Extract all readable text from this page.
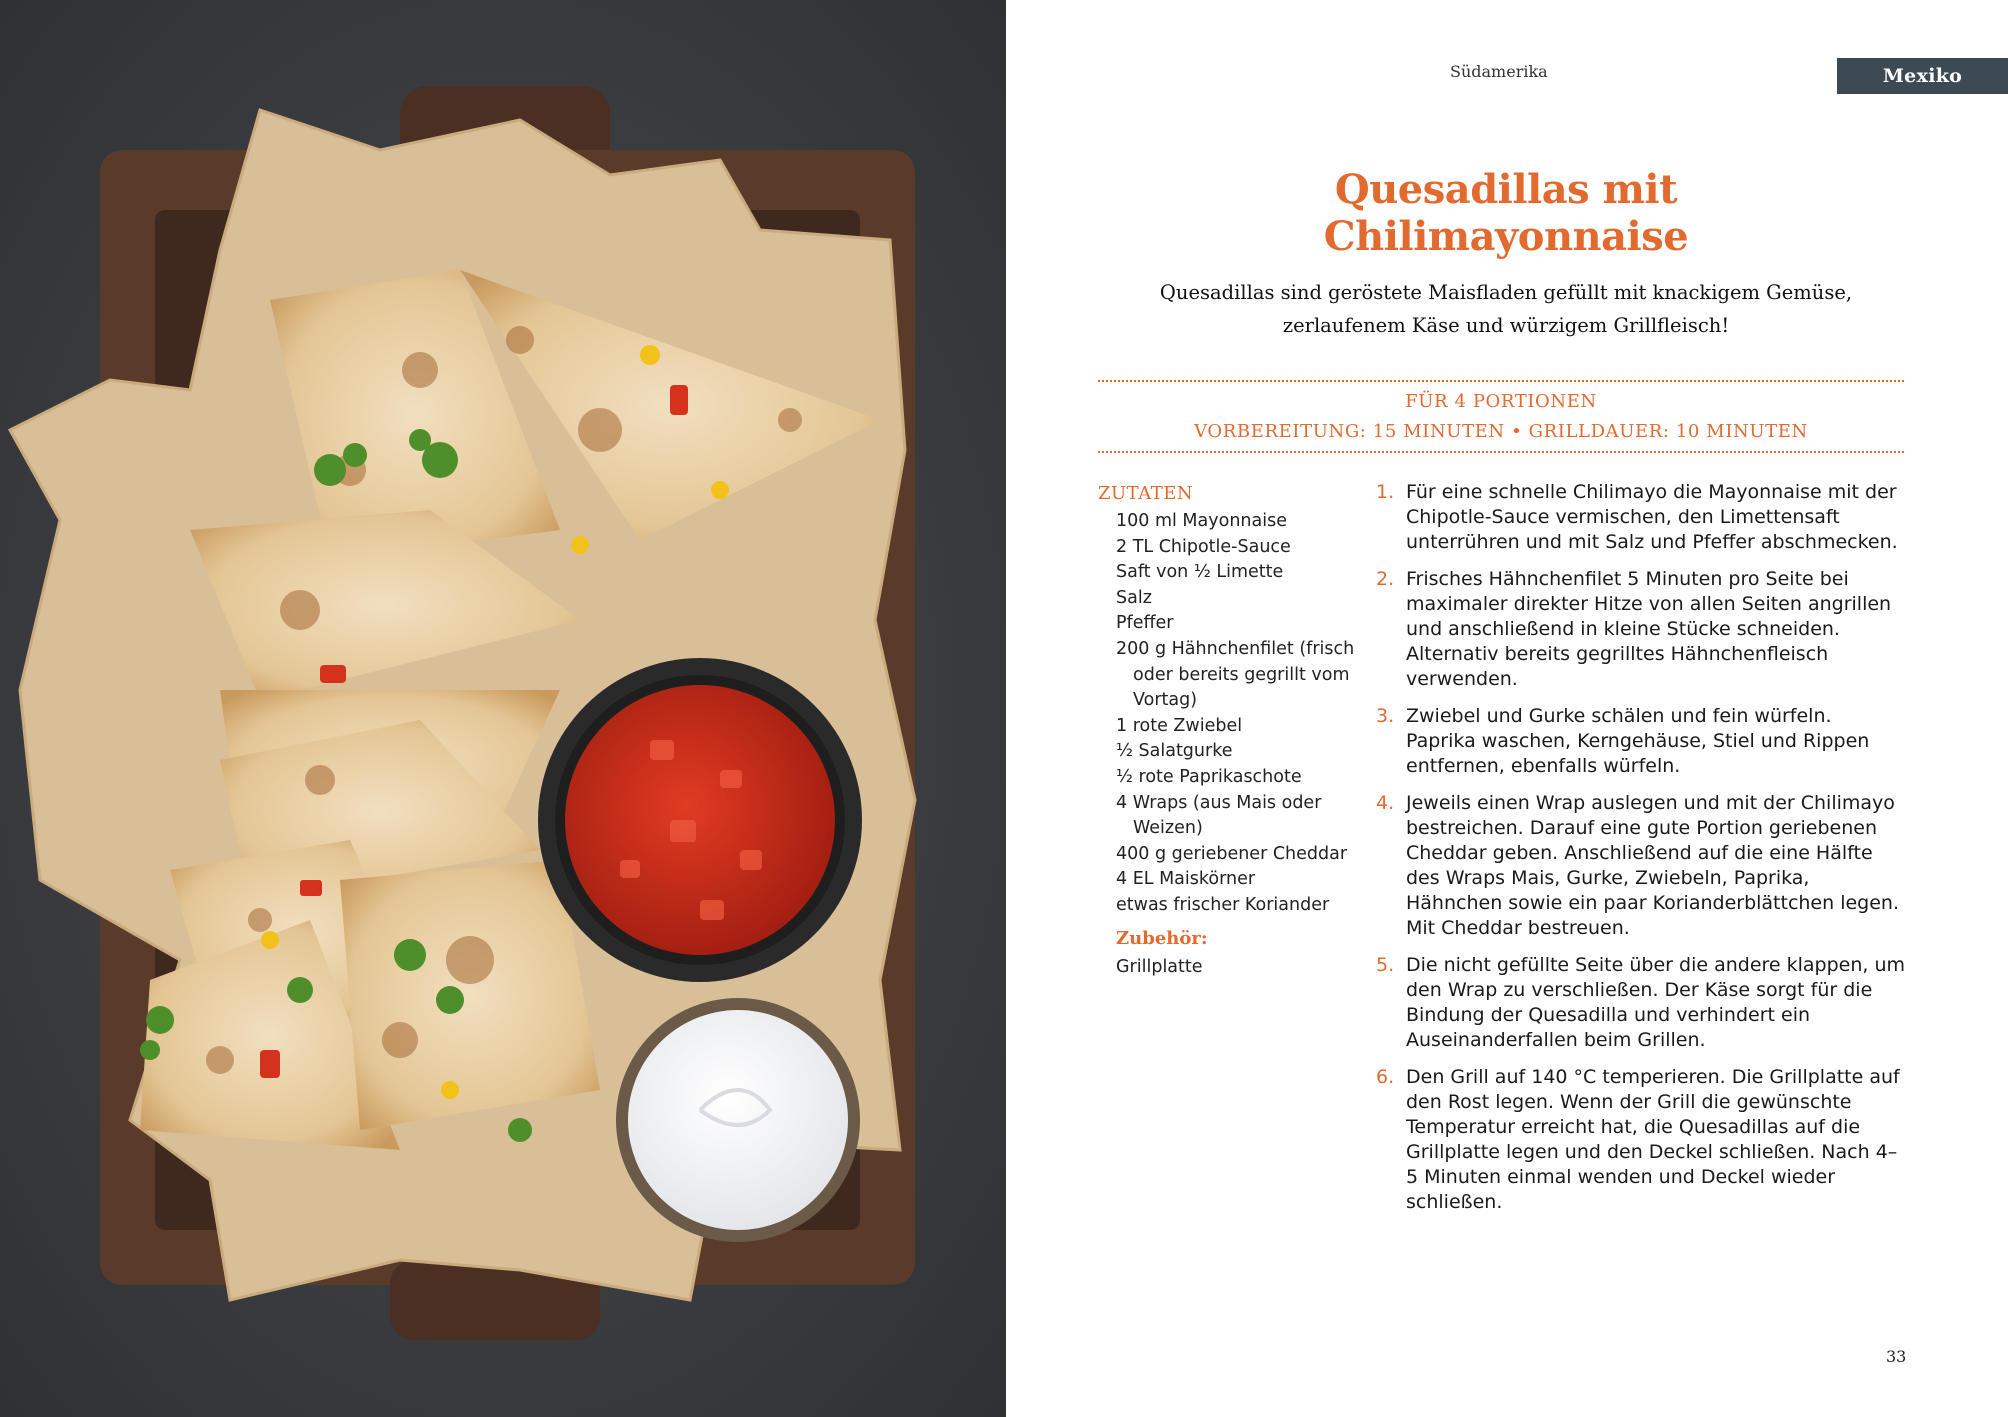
Südamerika	Mexiko
Quesadillas mit Chilimayonnaise
Quesadillas sind geröstete Maisfladen gefüllt mit knackigem Gemüse,
zerlaufenem Käse und würzigem Grillfleisch!
FÜR 4 PORTIONEN
VORBEREITUNG: 15 MINUTEN • GRILLDAUER: 10 MINUTEN
ZUTATEN
100 ml Mayonnaise
2 TL Chipotle-Sauce
Saft von ½ Limette
Salz
Pfeffer
200 g Hähnchenfilet (frisch oder bereits gegrillt vom Vortag)
1 rote Zwiebel
½ Salatgurke
½ rote Paprikaschote
4 Wraps (aus Mais oder Weizen)
400 g geriebener Cheddar
4 EL Maiskörner
etwas frischer Koriander
Zubehör:
Grillplatte
1. Für eine schnelle Chilimayo die Mayonnaise mit der Chipotle-Sauce vermischen, den Limettensaft unterrühren und mit Salz und Pfeffer abschmecken.
2. Frisches Hähnchenfilet 5 Minuten pro Seite bei maximaler direkter Hitze von allen Seiten angrillen und anschließend in kleine Stücke schneiden. Alternativ bereits gegrilltes Hähnchenfleisch verwenden.
3. Zwiebel und Gurke schälen und fein würfeln. Paprika waschen, Kerngehäuse, Stiel und Rippen entfernen, ebenfalls würfeln.
4. Jeweils einen Wrap auslegen und mit der Chilimayo bestreichen. Darauf eine gute Portion geriebenen Cheddar geben. Anschließend auf die eine Hälfte des Wraps Mais, Gurke, Zwiebeln, Paprika, Hähnchen sowie ein paar Korianderblättchen legen. Mit Cheddar bestreuen.
5. Die nicht gefüllte Seite über die andere klappen, um den Wrap zu verschließen. Der Käse sorgt für die Bindung der Quesadilla und verhindert ein Auseinanderfallen beim Grillen.
6. Den Grill auf 140 °C temperieren. Die Grillplatte auf den Rost legen. Wenn der Grill die gewünschte Temperatur erreicht hat, die Quesadillas auf die Grillplatte legen und den Deckel schließen. Nach 4–5 Minuten einmal wenden und Deckel wieder schließen.
33
